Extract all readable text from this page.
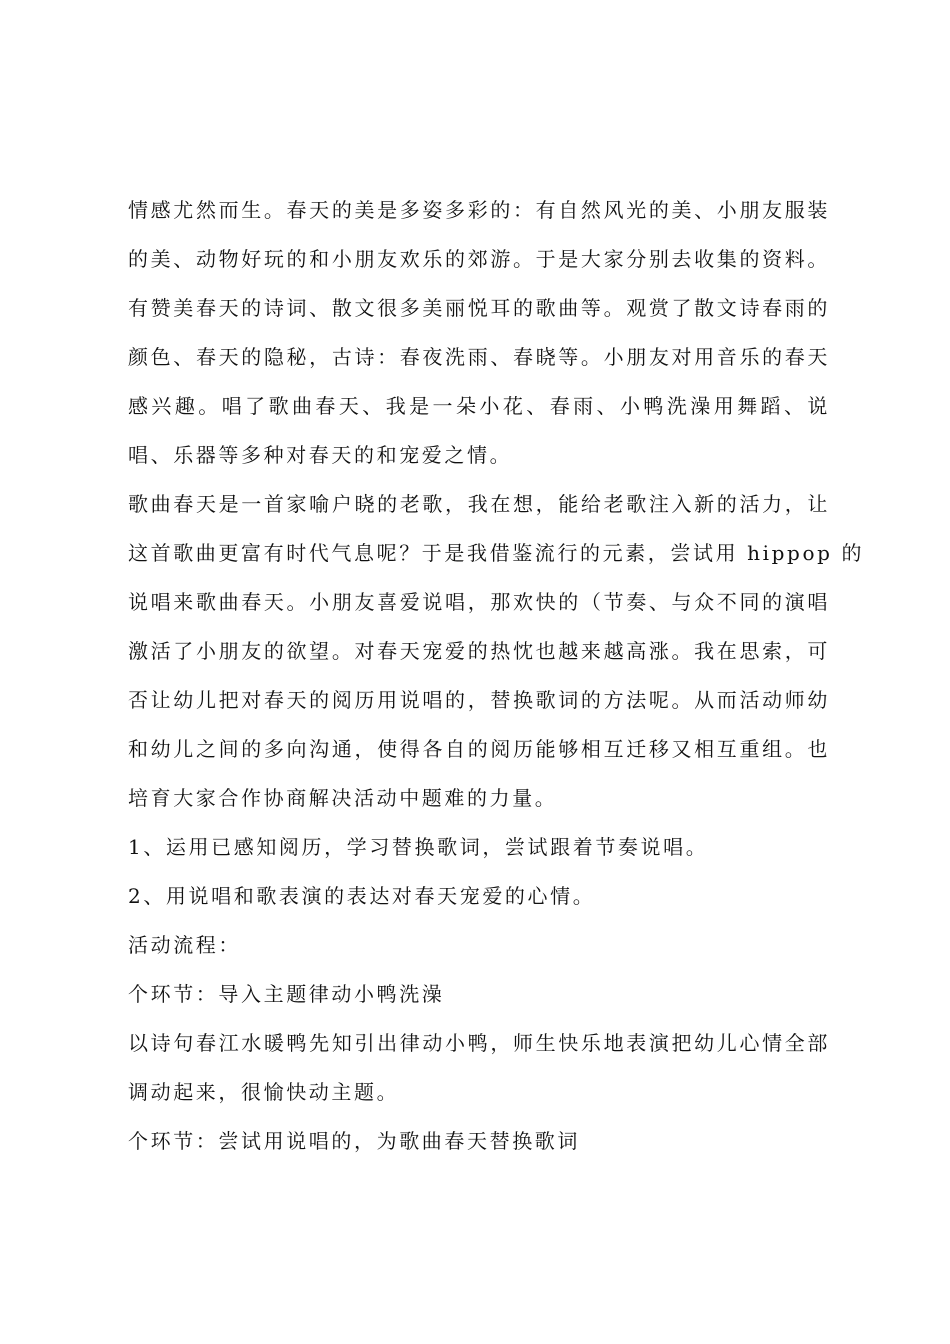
情感尤然而生。春天的美是多姿多彩的：有自然风光的美、小朋友服装
的美、动物好玩的和小朋友欢乐的郊游。于是大家分别去收集的资料。
有赞美春天的诗词、散文很多美丽悦耳的歌曲等。观赏了散文诗春雨的
颜色、春天的隐秘，古诗：春夜洗雨、春晓等。小朋友对用音乐的春天
感兴趣。唱了歌曲春天、我是一朵小花、春雨、小鸭洗澡用舞蹈、说
唱、乐器等多种对春天的和宠爱之情。

歌曲春天是一首家喻户晓的老歌，我在想，能给老歌注入新的活力，让
这首歌曲更富有时代气息呢？于是我借鉴流行的元素，尝试用 hippop 的
说唱来歌曲春天。小朋友喜爱说唱，那欢快的（节奏、与众不同的演唱
激活了小朋友的欲望。对春天宠爱的热忱也越来越高涨。我在思索，可
否让幼儿把对春天的阅历用说唱的，替换歌词的方法呢。从而活动师幼
和幼儿之间的多向沟通，使得各自的阅历能够相互迁移又相互重组。也
培育大家合作协商解决活动中题难的力量。

1、运用已感知阅历，学习替换歌词，尝试跟着节奏说唱。

2、用说唱和歌表演的表达对春天宠爱的心情。

活动流程：

个环节：导入主题律动小鸭洗澡

以诗句春江水暖鸭先知引出律动小鸭，师生快乐地表演把幼儿心情全部
调动起来，很愉快动主题。

个环节：尝试用说唱的，为歌曲春天替换歌词
